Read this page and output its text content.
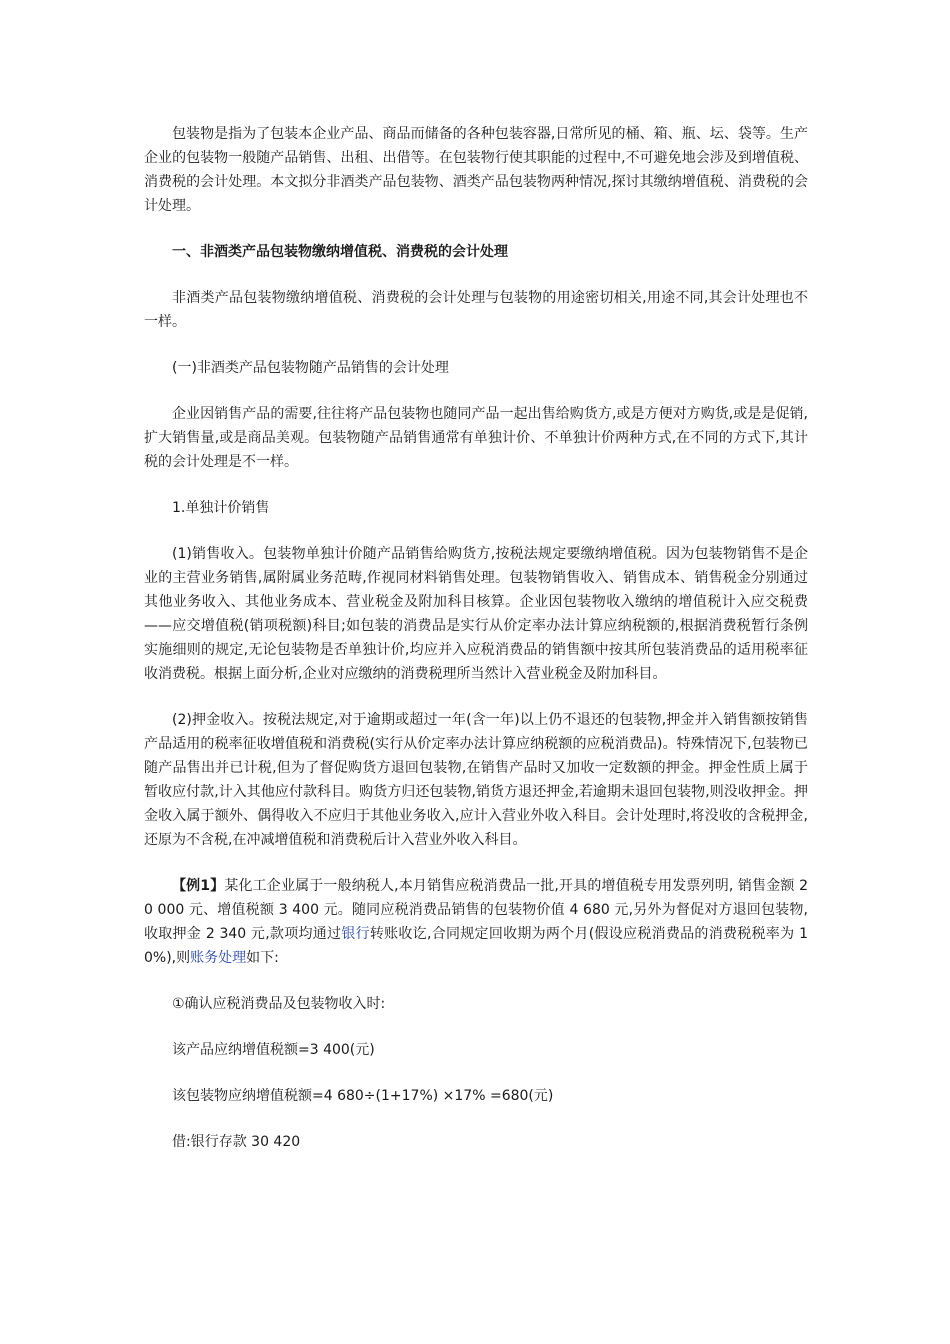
包装物是指为了包装本企业产品、商品而储备的各种包装容器,日常所见的桶、箱、瓶、坛、袋等。生产企业的包装物一般随产品销售、出租、出借等。在包装物行使其职能的过程中,不可避免地会涉及到增值税、消费税的会计处理。本文拟分非酒类产品包装物、酒类产品包装物两种情况,探讨其缴纳增值税、消费税的会计处理。

一、非酒类产品包装物缴纳增值税、消费税的会计处理

非酒类产品包装物缴纳增值税、消费税的会计处理与包装物的用途密切相关,用途不同,其会计处理也不一样。

(一)非酒类产品包装物随产品销售的会计处理

企业因销售产品的需要,往往将产品包装物也随同产品一起出售给购货方,或是方便对方购货,或是是促销,扩大销售量,或是商品美观。包装物随产品销售通常有单独计价、不单独计价两种方式,在不同的方式下,其计税的会计处理是不一样。

1.单独计价销售

(1)销售收入。包装物单独计价随产品销售给购货方,按税法规定要缴纳增值税。因为包装物销售不是企业的主营业务销售,属附属业务范畴,作视同材料销售处理。包装物销售收入、销售成本、销售税金分别通过其他业务收入、其他业务成本、营业税金及附加科目核算。企业因包装物收入缴纳的增值税计入应交税费——应交增值税(销项税额)科目;如包装的消费品是实行从价定率办法计算应纳税额的,根据消费税暂行条例实施细则的规定,无论包装物是否单独计价,均应并入应税消费品的销售额中按其所包装消费品的适用税率征收消费税。根据上面分析,企业对应缴纳的消费税理所当然计入营业税金及附加科目。

(2)押金收入。按税法规定,对于逾期或超过一年(含一年)以上仍不退还的包装物,押金并入销售额按销售产品适用的税率征收增值税和消费税(实行从价定率办法计算应纳税额的应税消费品)。特殊情况下,包装物已随产品售出并已计税,但为了督促购货方退回包装物,在销售产品时又加收一定数额的押金。押金性质上属于暂收应付款,计入其他应付款科目。购货方归还包装物,销货方退还押金,若逾期未退回包装物,则没收押金。押金收入属于额外、偶得收入不应归于其他业务收入,应计入营业外收入科目。会计处理时,将没收的含税押金,还原为不含税,在冲减增值税和消费税后计入营业外收入科目。

【例1】某化工企业属于一般纳税人,本月销售应税消费品一批,开具的增值税专用发票列明, 销售金额 20 000 元、增值税额 3 400 元。随同应税消费品销售的包装物价值 4 680 元,另外为督促对方退回包装物,收取押金 2 340 元,款项均通过银行转账收讫,合同规定回收期为两个月(假设应税消费品的消费税税率为 10%),则账务处理如下:

①确认应税消费品及包装物收入时:

该产品应纳增值税额=3 400(元)

该包装物应纳增值税额=4 680÷(1+17%) ×17% =680(元)

借:银行存款 30 420
